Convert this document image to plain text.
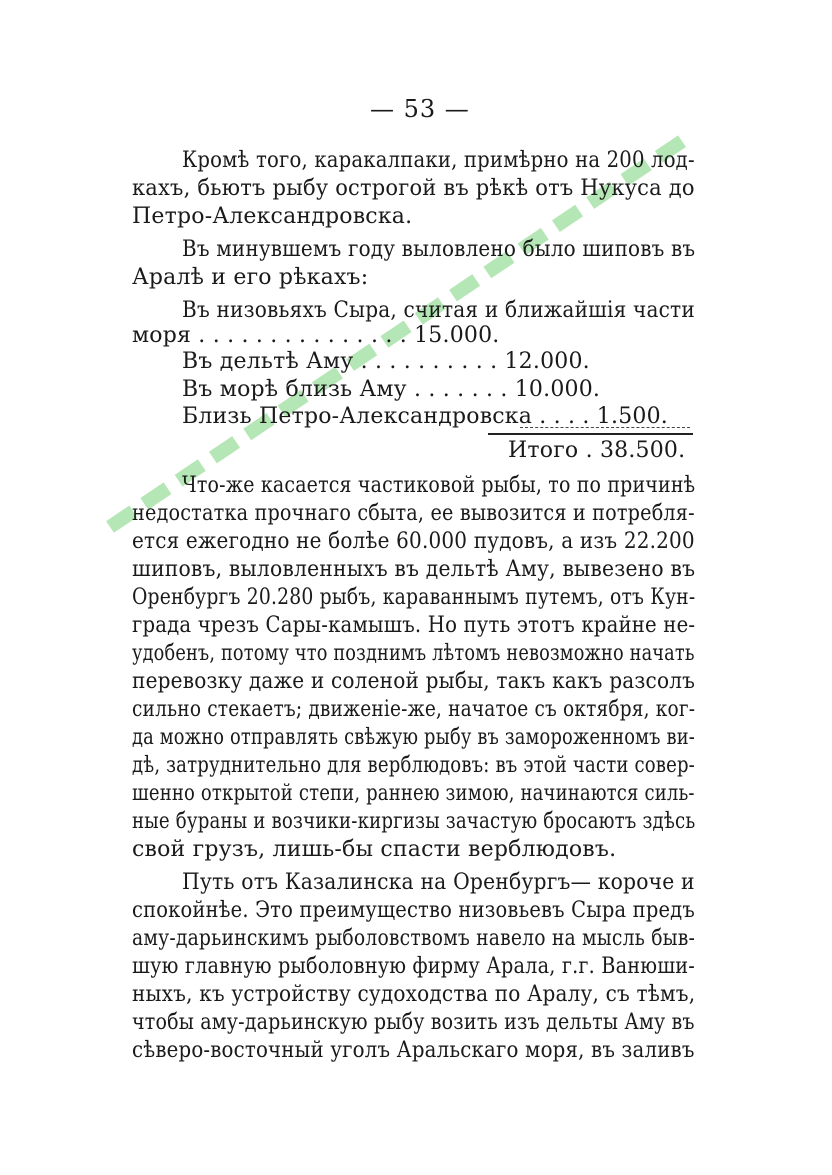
— 53 —
Кромѣ того, каракалпаки, примѣрно на 200 лод-
кахъ, бьютъ рыбу острогой въ рѣкѣ отъ Нукуса до
Петро-Александровска.
Въ минувшемъ году выловлено было шиповъ въ
Аралѣ и его рѣкахъ:
Въ низовьяхъ Сыра, считая и ближайшія части
моря . . . . . . . . . . . . . . . 15.000.
Въ дельтѣ Аму . . . . . . . . . . 12.000.
Въ морѣ близь Аму . . . . . . . 10.000.
Близь Петро-Александровска . . . . 1.500.
Итого . 38.500.
Что-же касается частиковой рыбы, то по причинѣ
недостатка прочнаго сбыта, ее вывозится и потребля-
ется ежегодно не болѣе 60.000 пудовъ, а изъ 22.200
шиповъ, выловленныхъ въ дельтѣ Аму, вывезено въ
Оренбургъ 20.280 рыбъ, караваннымъ путемъ, отъ Кун-
града чрезъ Сары-камышъ. Но путь этотъ крайне не-
удобенъ, потому что позднимъ лѣтомъ невозможно начать
перевозку даже и соленой рыбы, такъ какъ разсолъ
сильно стекаетъ; движеніе-же, начатое съ октября, ког-
да можно отправлять свѣжую рыбу въ замороженномъ ви-
дѣ, затруднительно для верблюдовъ: въ этой части совер-
шенно открытой степи, раннею зимою, начинаются силь-
ные бураны и возчики-киргизы зачастую бросаютъ здѣсь
свой грузъ, лишь-бы спасти верблюдовъ.
Путь отъ Казалинска на Оренбургъ— короче и
спокойнѣе. Это преимущество низовьевъ Сыра предъ
аму-дарьинскимъ рыболовствомъ навело на мысль быв-
шую главную рыболовную фирму Арала, г.г. Ванюши-
ныхъ, къ устройству судоходства по Аралу, съ тѣмъ,
чтобы аму-дарьинскую рыбу возить изъ дельты Аму въ
сѣверо-восточный уголъ Аральскаго моря, въ заливъ
